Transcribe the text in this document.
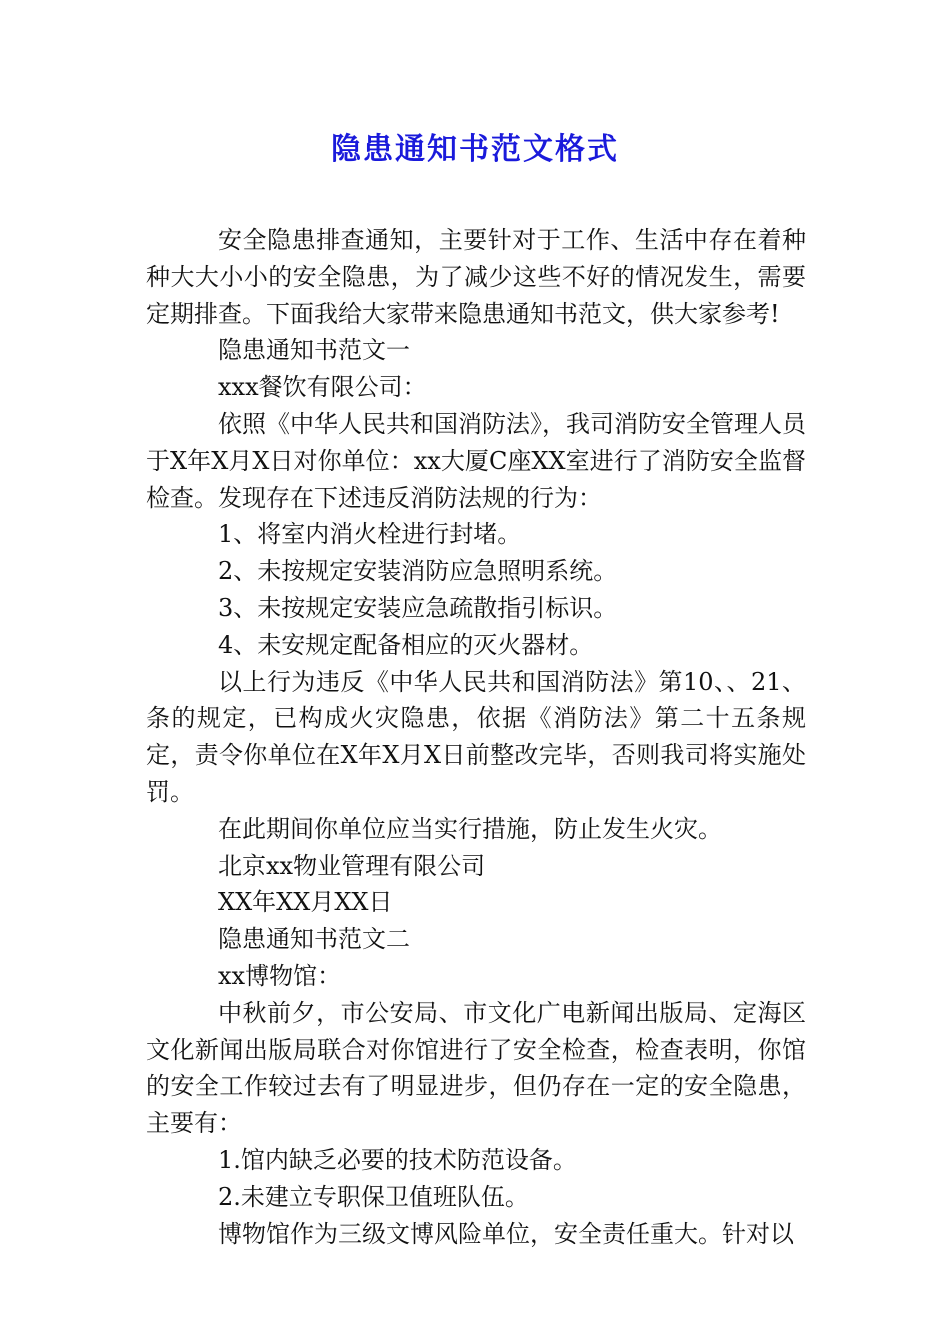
隐患通知书范文格式

安全隐患排查通知，主要针对于工作、生活中存在着种种大大小小的安全隐患，为了减少这些不好的情况发生，需要定期排查。下面我给大家带来隐患通知书范文，供大家参考!

隐患通知书范文一

xxx餐饮有限公司：

依照《中华人民共和国消防法》，我司消防安全管理人员于X年X月X日对你单位：xx大厦C座XX室进行了消防安全监督检查。发现存在下述违反消防法规的行为：

1、将室内消火栓进行封堵。

2、未按规定安装消防应急照明系统。

3、未按规定安装应急疏散指引标识。

4、未安规定配备相应的灭火器材。

以上行为违反《中华人民共和国消防法》第10、、21、条的规定，已构成火灾隐患，依据《消防法》第二十五条规定，责令你单位在X年X月X日前整改完毕，否则我司将实施处罚。

在此期间你单位应当实行措施，防止发生火灾。

北京xx物业管理有限公司

XX年XX月XX日

隐患通知书范文二

xx博物馆：

中秋前夕，市公安局、市文化广电新闻出版局、定海区文化新闻出版局联合对你馆进行了安全检查，检查表明，你馆的安全工作较过去有了明显进步，但仍存在一定的安全隐患，主要有：

1.馆内缺乏必要的技术防范设备。

2.未建立专职保卫值班队伍。

博物馆作为三级文博风险单位，安全责任重大。针对以
